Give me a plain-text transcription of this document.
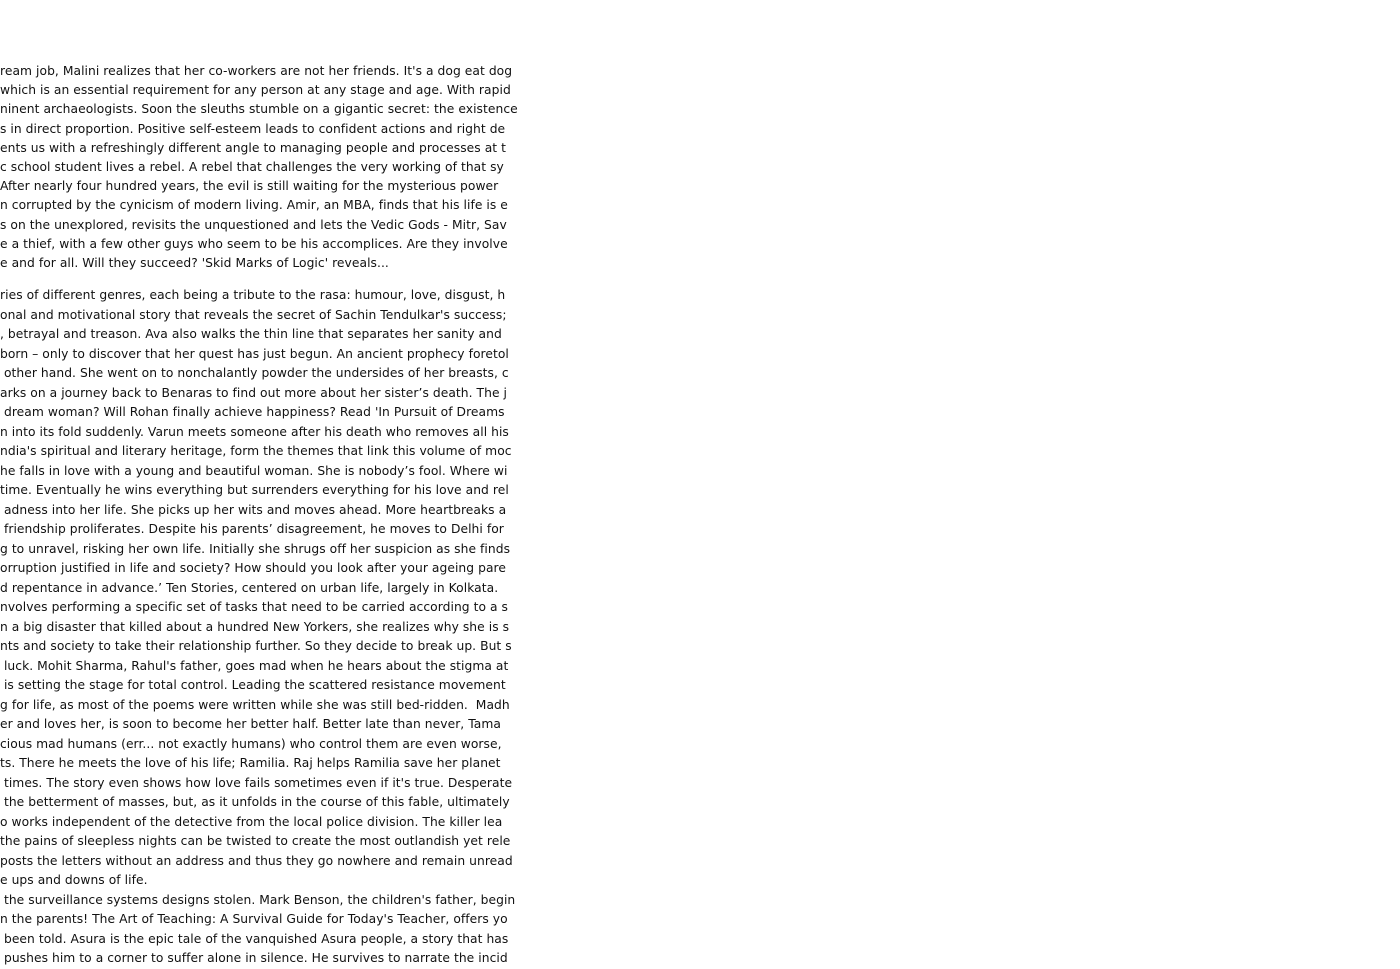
ream job, Malini realizes that her co-workers are not her friends. It's a dog eat dog
which is an essential requirement for any person at any stage and age. With rapid
ninent archaeologists. Soon the sleuths stumble on a gigantic secret: the existence
s in direct proportion. Positive self-esteem leads to confident actions and right de
ents us with a refreshingly different angle to managing people and processes at t
c school student lives a rebel. A rebel that challenges the very working of that sy
After nearly four hundred years, the evil is still waiting for the mysterious power
n corrupted by the cynicism of modern living. Amir, an MBA, finds that his life is e
s on the unexplored, revisits the unquestioned and lets the Vedic Gods - Mitr, Sav
e a thief, with a few other guys who seem to be his accomplices. Are they involve
e and for all. Will they succeed? 'Skid Marks of Logic' reveals...
ries of different genres, each being a tribute to the rasa: humour, love, disgust, h
onal and motivational story that reveals the secret of Sachin Tendulkar's success;
, betrayal and treason. Ava also walks the thin line that separates her sanity and
born – only to discover that her quest has just begun. An ancient prophecy foretol
other hand. She went on to nonchalantly powder the undersides of her breasts, c
arks on a journey back to Benaras to find out more about her sister’s death. The j
dream woman? Will Rohan finally achieve happiness? Read 'In Pursuit of Dreams
n into its fold suddenly. Varun meets someone after his death who removes all his
ndia's spiritual and literary heritage, form the themes that link this volume of moc
he falls in love with a young and beautiful woman. She is nobody’s fool. Where wi
time. Eventually he wins everything but surrenders everything for his love and rel
adness into her life. She picks up her wits and moves ahead. More heartbreaks a
friendship proliferates. Despite his parents’ disagreement, he moves to Delhi for
g to unravel, risking her own life. Initially she shrugs off her suspicion as she finds
orruption justified in life and society? How should you look after your ageing pare
d repentance in advance.’ Ten Stories, centered on urban life, largely in Kolkata.
nvolves performing a specific set of tasks that need to be carried according to a s
n a big disaster that killed about a hundred New Yorkers, she realizes why she is s
nts and society to take their relationship further. So they decide to break up. But s
luck. Mohit Sharma, Rahul's father, goes mad when he hears about the stigma at
is setting the stage for total control. Leading the scattered resistance movement
g for life, as most of the poems were written while she was still bed-ridden.  Madh
er and loves her, is soon to become her better half. Better late than never, Tama
cious mad humans (err... not exactly humans) who control them are even worse,
ts. There he meets the love of his life; Ramilia. Raj helps Ramilia save her planet
times. The story even shows how love fails sometimes even if it's true. Desperate
the betterment of masses, but, as it unfolds in the course of this fable, ultimately
o works independent of the detective from the local police division. The killer lea
the pains of sleepless nights can be twisted to create the most outlandish yet rele
posts the letters without an address and thus they go nowhere and remain unread
e ups and downs of life.
the surveillance systems designs stolen. Mark Benson, the children's father, begin
n the parents! The Art of Teaching: A Survival Guide for Today's Teacher, offers yo
been told. Asura is the epic tale of the vanquished Asura people, a story that has
pushes him to a corner to suffer alone in silence. He survives to narrate the incid
